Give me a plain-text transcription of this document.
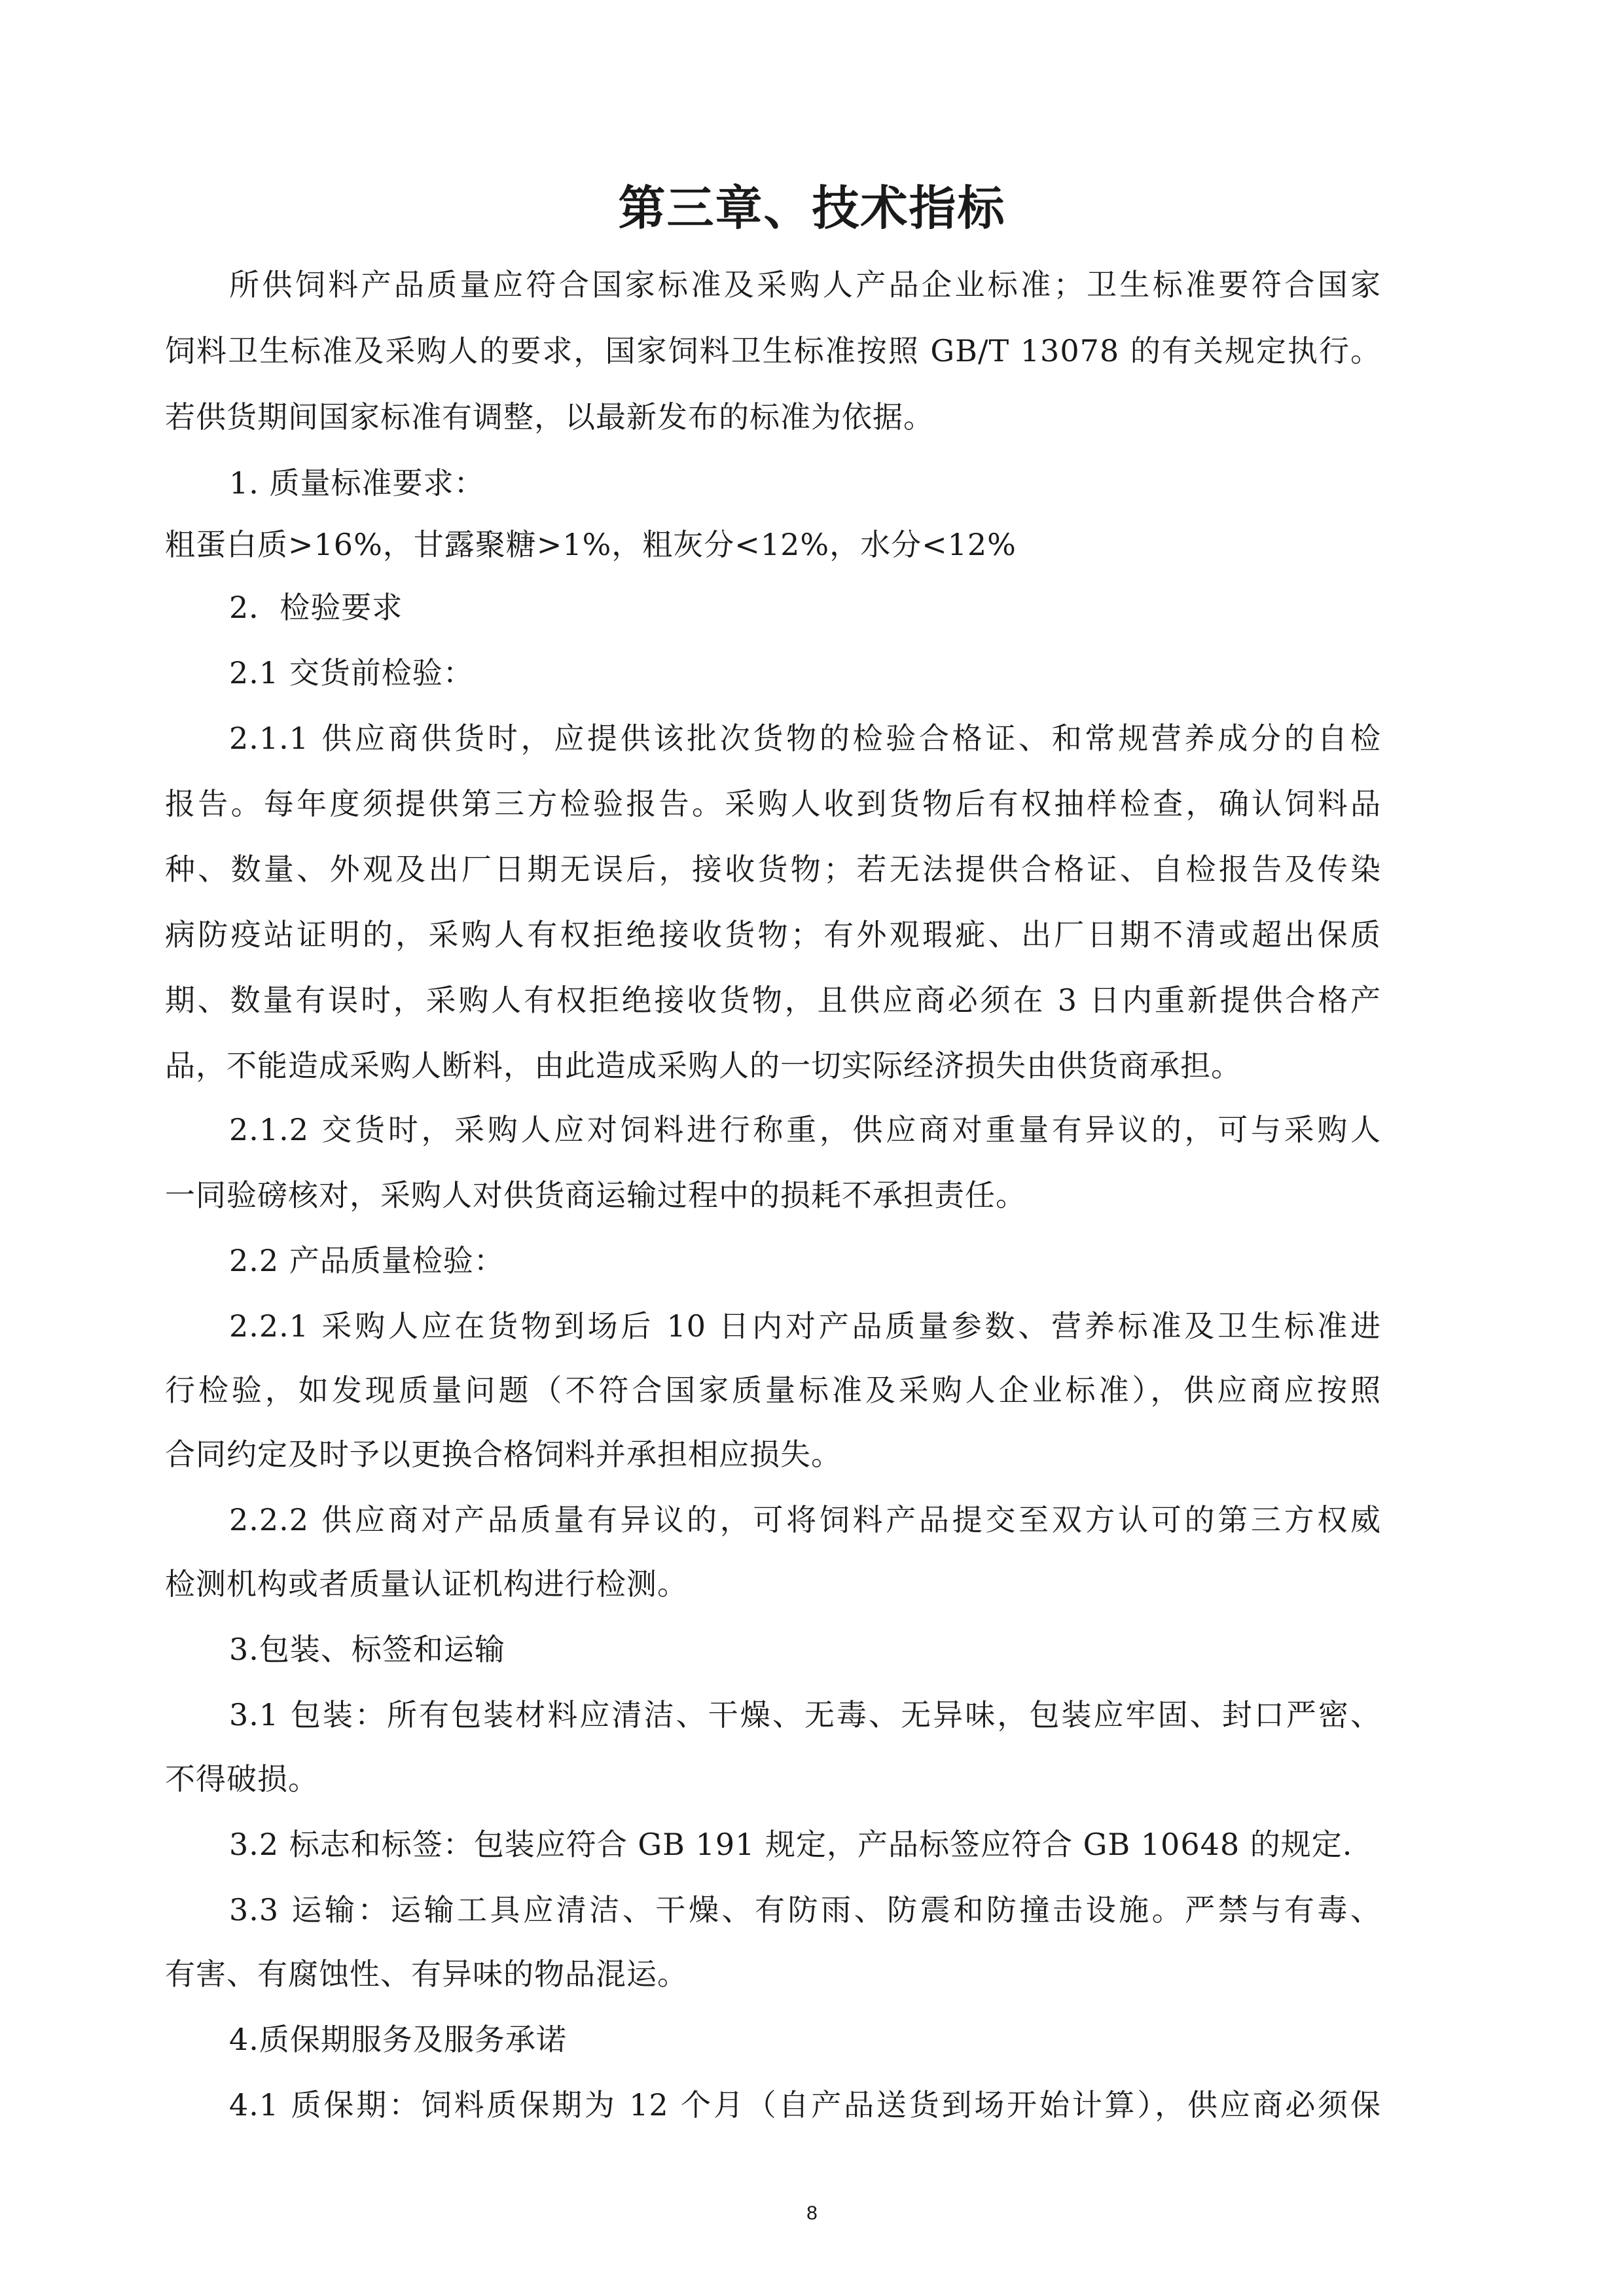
第三章、技术指标
所供饲料产品质量应符合国家标准及采购人产品企业标准；卫生标准要符合国家
饲料卫生标准及采购人的要求，国家饲料卫生标准按照 GB/T 13078 的有关规定执行。
若供货期间国家标准有调整，以最新发布的标准为依据。
1. 质量标准要求：
粗蛋白质>16%，甘露聚糖>1%，粗灰分<12%，水分<12%
2．检验要求
2.1 交货前检验：
2.1.1 供应商供货时，应提供该批次货物的检验合格证、和常规营养成分的自检
报告。每年度须提供第三方检验报告。采购人收到货物后有权抽样检查，确认饲料品
种、数量、外观及出厂日期无误后，接收货物；若无法提供合格证、自检报告及传染
病防疫站证明的，采购人有权拒绝接收货物；有外观瑕疵、出厂日期不清或超出保质
期、数量有误时，采购人有权拒绝接收货物，且供应商必须在 3 日内重新提供合格产
品，不能造成采购人断料，由此造成采购人的一切实际经济损失由供货商承担。
2.1.2 交货时，采购人应对饲料进行称重，供应商对重量有异议的，可与采购人
一同验磅核对，采购人对供货商运输过程中的损耗不承担责任。
2.2 产品质量检验：
2.2.1 采购人应在货物到场后 10 日内对产品质量参数、营养标准及卫生标准进
行检验，如发现质量问题（不符合国家质量标准及采购人企业标准），供应商应按照
合同约定及时予以更换合格饲料并承担相应损失。
2.2.2 供应商对产品质量有异议的，可将饲料产品提交至双方认可的第三方权威
检测机构或者质量认证机构进行检测。
3.包装、标签和运输
3.1 包装：所有包装材料应清洁、干燥、无毒、无异味，包装应牢固、封口严密、
不得破损。
3.2 标志和标签：包装应符合 GB 191 规定，产品标签应符合 GB 10648 的规定.
3.3 运输：运输工具应清洁、干燥、有防雨、防震和防撞击设施。严禁与有毒、
有害、有腐蚀性、有异味的物品混运。
4.质保期服务及服务承诺
4.1 质保期：饲料质保期为 12 个月（自产品送货到场开始计算），供应商必须保
8
